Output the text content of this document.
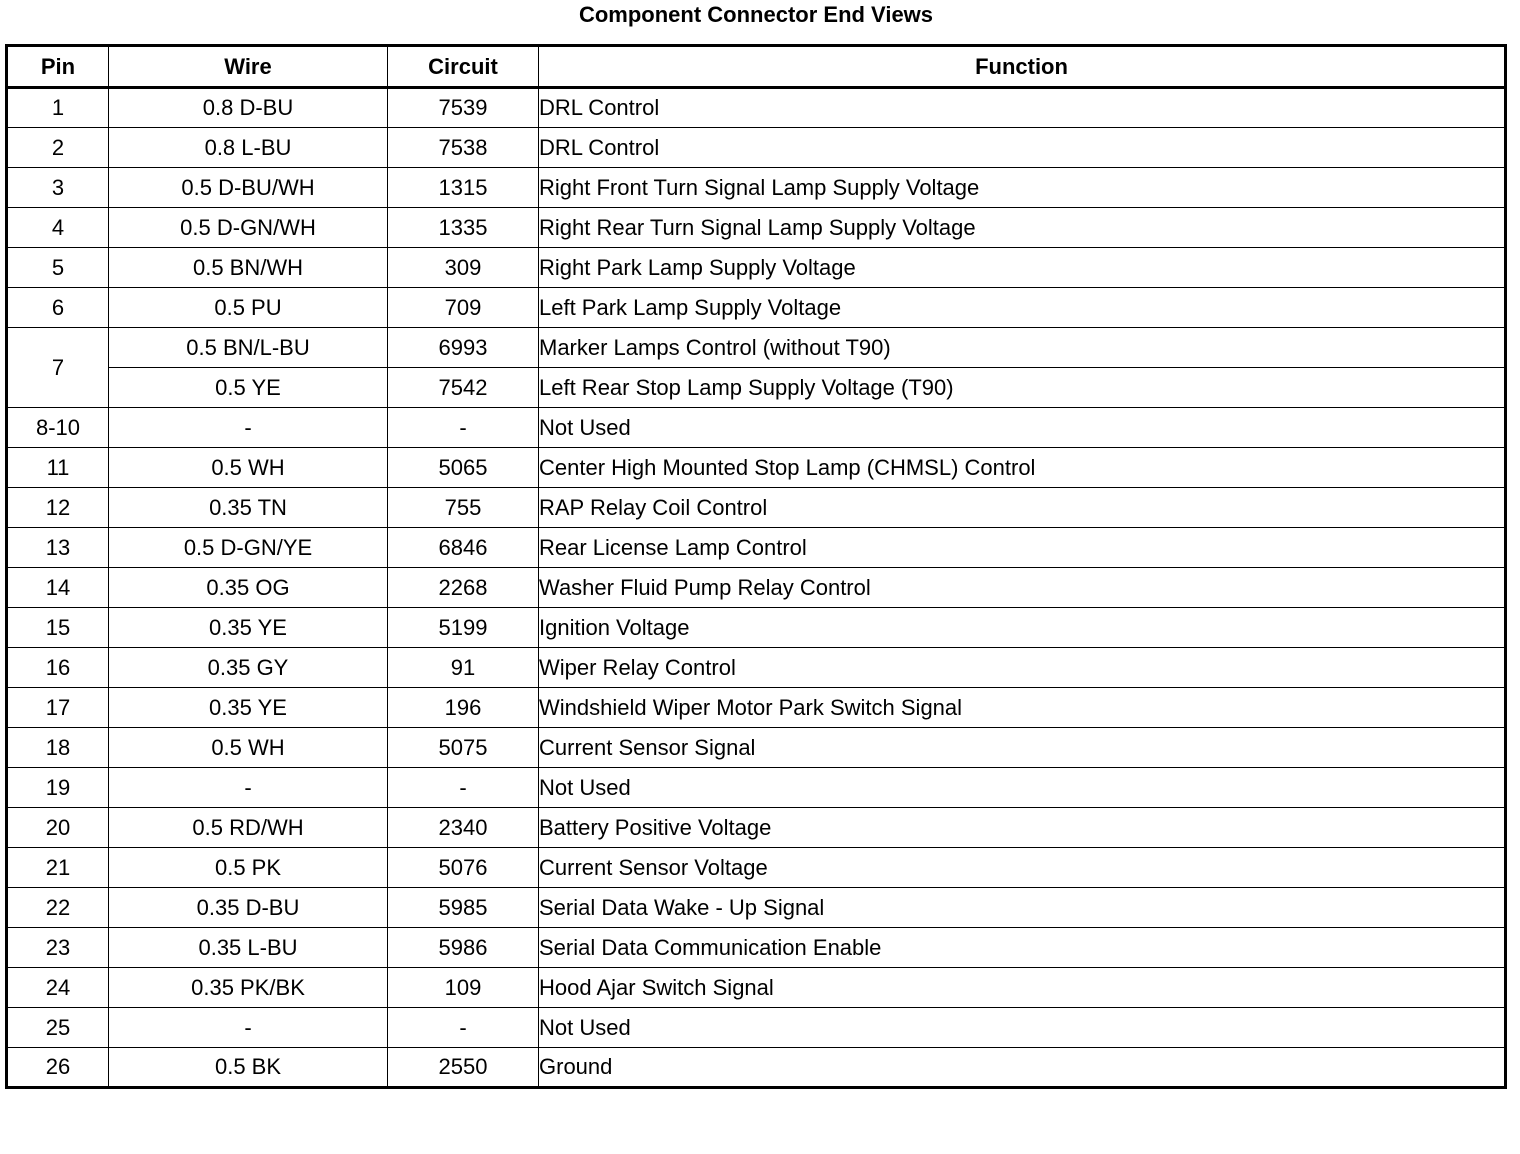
Component Connector End Views
Pin	Wire	Circuit	Function
1	0.8 D-BU	7539	DRL Control
2	0.8 L-BU	7538	DRL Control
3	0.5 D-BU/WH	1315	Right Front Turn Signal Lamp Supply Voltage
4	0.5 D-GN/WH	1335	Right Rear Turn Signal Lamp Supply Voltage
5	0.5 BN/WH	309	Right Park Lamp Supply Voltage
6	0.5 PU	709	Left Park Lamp Supply Voltage
7	0.5 BN/L-BU	6993	Marker Lamps Control (without T90)
	0.5 YE	7542	Left Rear Stop Lamp Supply Voltage (T90)
8-10	-	-	Not Used
11	0.5 WH	5065	Center High Mounted Stop Lamp (CHMSL) Control
12	0.35 TN	755	RAP Relay Coil Control
13	0.5 D-GN/YE	6846	Rear License Lamp Control
14	0.35 OG	2268	Washer Fluid Pump Relay Control
15	0.35 YE	5199	Ignition Voltage
16	0.35 GY	91	Wiper Relay Control
17	0.35 YE	196	Windshield Wiper Motor Park Switch Signal
18	0.5 WH	5075	Current Sensor Signal
19	-	-	Not Used
20	0.5 RD/WH	2340	Battery Positive Voltage
21	0.5 PK	5076	Current Sensor Voltage
22	0.35 D-BU	5985	Serial Data Wake - Up Signal
23	0.35 L-BU	5986	Serial Data Communication Enable
24	0.35 PK/BK	109	Hood Ajar Switch Signal
25	-	-	Not Used
26	0.5 BK	2550	Ground
